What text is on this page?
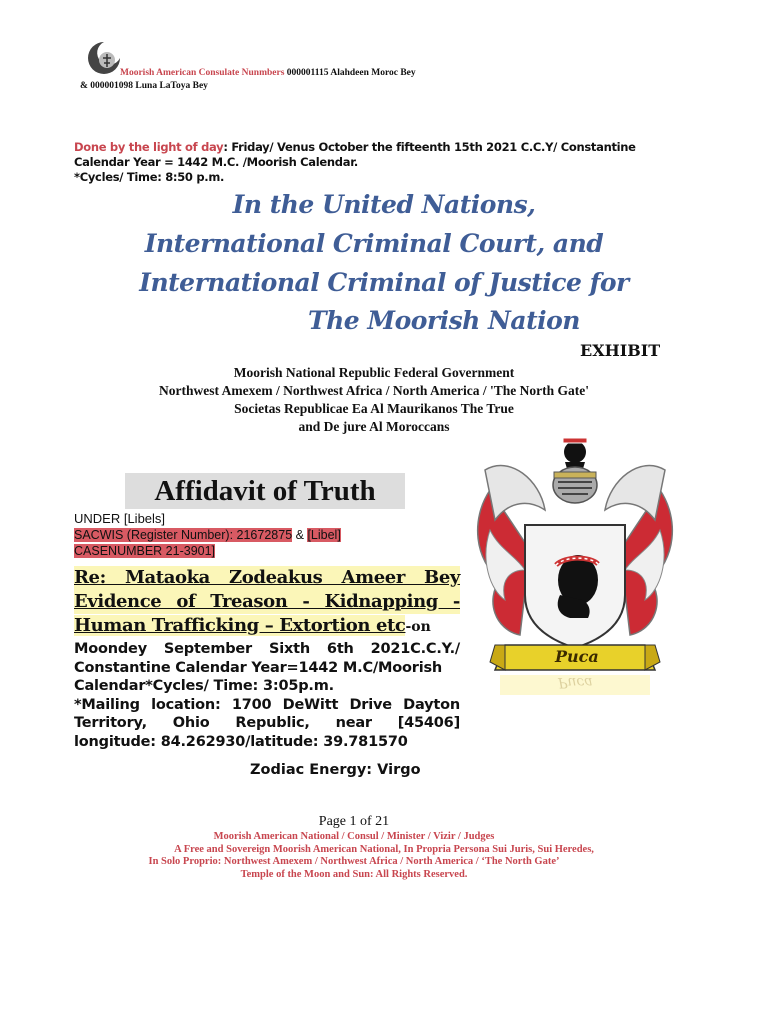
Moorish American Consulate Nunmbers 000001115 Alahdeen Moroc Bey
& 000001098 Luna LaToya Bey
Done by the light of day: Friday/ Venus October the fifteenth 15th 2021 C.C.Y/ Constantine Calendar Year = 1442 M.C. /Moorish Calendar.
*Cycles/ Time: 8:50 p.m.
In the United Nations,
International Criminal Court, and
International Criminal of Justice for
The Moorish Nation
EXHIBIT
Moorish National Republic Federal Government
Northwest Amexem / Northwest Africa / North America / 'The North Gate'
Societas Republicae Ea Al Maurikanos The True
and De jure Al Moroccans
Affidavit of Truth
UNDER [Libels]
SACWIS (Register Number): 21672875 & [Libel]
CASENUMBER 21-3901]
Re: Mataoka Zodeakus Ameer Bey
Evidence of Treason - Kidnapping -
Human Trafficking – Extortion etc-on
Moondey September Sixth 6th 2021C.C.Y./
Constantine Calendar Year=1442 M.C/Moorish
Calendar*Cycles/ Time: 3:05p.m.
*Mailing location: 1700 DeWitt Drive Dayton
Territory, Ohio Republic, near [45406]
longitude: 84.262930/latitude: 39.781570
Zodiac Energy: Virgo
Puca
Puca
Page 1 of 21
Moorish American National / Consul / Minister / Vizir / Judges
A Free and Sovereign Moorish American National, In Propria Persona Sui Juris, Sui Heredes,
In Solo Proprio: Northwest Amexem / Northwest Africa / North America / ‘The North Gate’
Temple of the Moon and Sun: All Rights Reserved.
